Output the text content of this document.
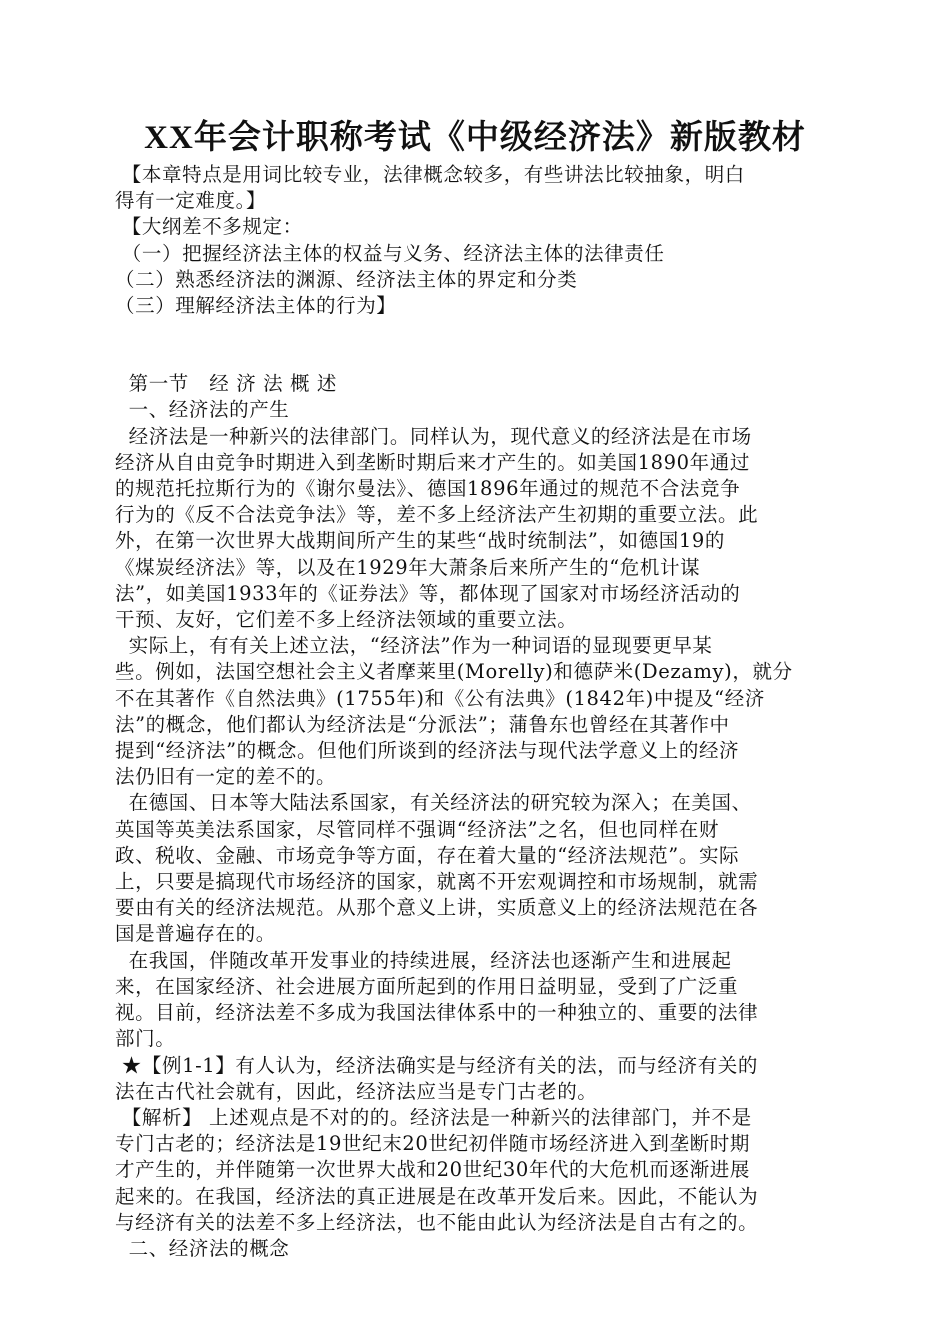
XX年会计职称考试《中级经济法》新版教材
【本章特点是用词比较专业，法律概念较多，有些讲法比较抽象，明白
得有一定难度。】
【大纲差不多规定：
（一）把握经济法主体的权益与义务、经济法主体的法律责任
（二）熟悉经济法的渊源、经济法主体的界定和分类
（三）理解经济法主体的行为】
第一节   经 济 法 概 述
一、经济法的产生
经济法是一种新兴的法律部门。同样认为，现代意义的经济法是在市场
经济从自由竞争时期进入到垄断时期后来才产生的。如美国1890年通过
的规范托拉斯行为的《谢尔曼法》、德国1896年通过的规范不合法竞争
行为的《反不合法竞争法》等，差不多上经济法产生初期的重要立法。此
外，在第一次世界大战期间所产生的某些“战时统制法”，如德国19的
《煤炭经济法》等，以及在1929年大萧条后来所产生的“危机计谋
法”，如美国1933年的《证券法》等，都体现了国家对市场经济活动的
干预、友好，它们差不多上经济法领域的重要立法。
实际上，有有关上述立法，“经济法”作为一种词语的显现要更早某
些。例如，法国空想社会主义者摩莱里(Morelly)和德萨米(Dezamy)，就分
不在其著作《自然法典》(1755年)和《公有法典》(1842年)中提及“经济
法”的概念，他们都认为经济法是“分派法”；蒲鲁东也曾经在其著作中
提到“经济法”的概念。但他们所谈到的经济法与现代法学意义上的经济
法仍旧有一定的差不的。
在德国、日本等大陆法系国家，有关经济法的研究较为深入；在美国、
英国等英美法系国家，尽管同样不强调“经济法”之名，但也同样在财
政、税收、金融、市场竞争等方面，存在着大量的“经济法规范”。实际
上，只要是搞现代市场经济的国家，就离不开宏观调控和市场规制，就需
要由有关的经济法规范。从那个意义上讲，实质意义上的经济法规范在各
国是普遍存在的。
在我国，伴随改革开发事业的持续进展，经济法也逐渐产生和进展起
来，在国家经济、社会进展方面所起到的作用日益明显，受到了广泛重
视。目前，经济法差不多成为我国法律体系中的一种独立的、重要的法律
部门。
★【例1-1】有人认为，经济法确实是与经济有关的法，而与经济有关的
法在古代社会就有，因此，经济法应当是专门古老的。
【解析】 上述观点是不对的的。经济法是一种新兴的法律部门，并不是
专门古老的；经济法是19世纪末20世纪初伴随市场经济进入到垄断时期
才产生的，并伴随第一次世界大战和20世纪30年代的大危机而逐渐进展
起来的。在我国，经济法的真正进展是在改革开发后来。因此，不能认为
与经济有关的法差不多上经济法，也不能由此认为经济法是自古有之的。
二、经济法的概念
